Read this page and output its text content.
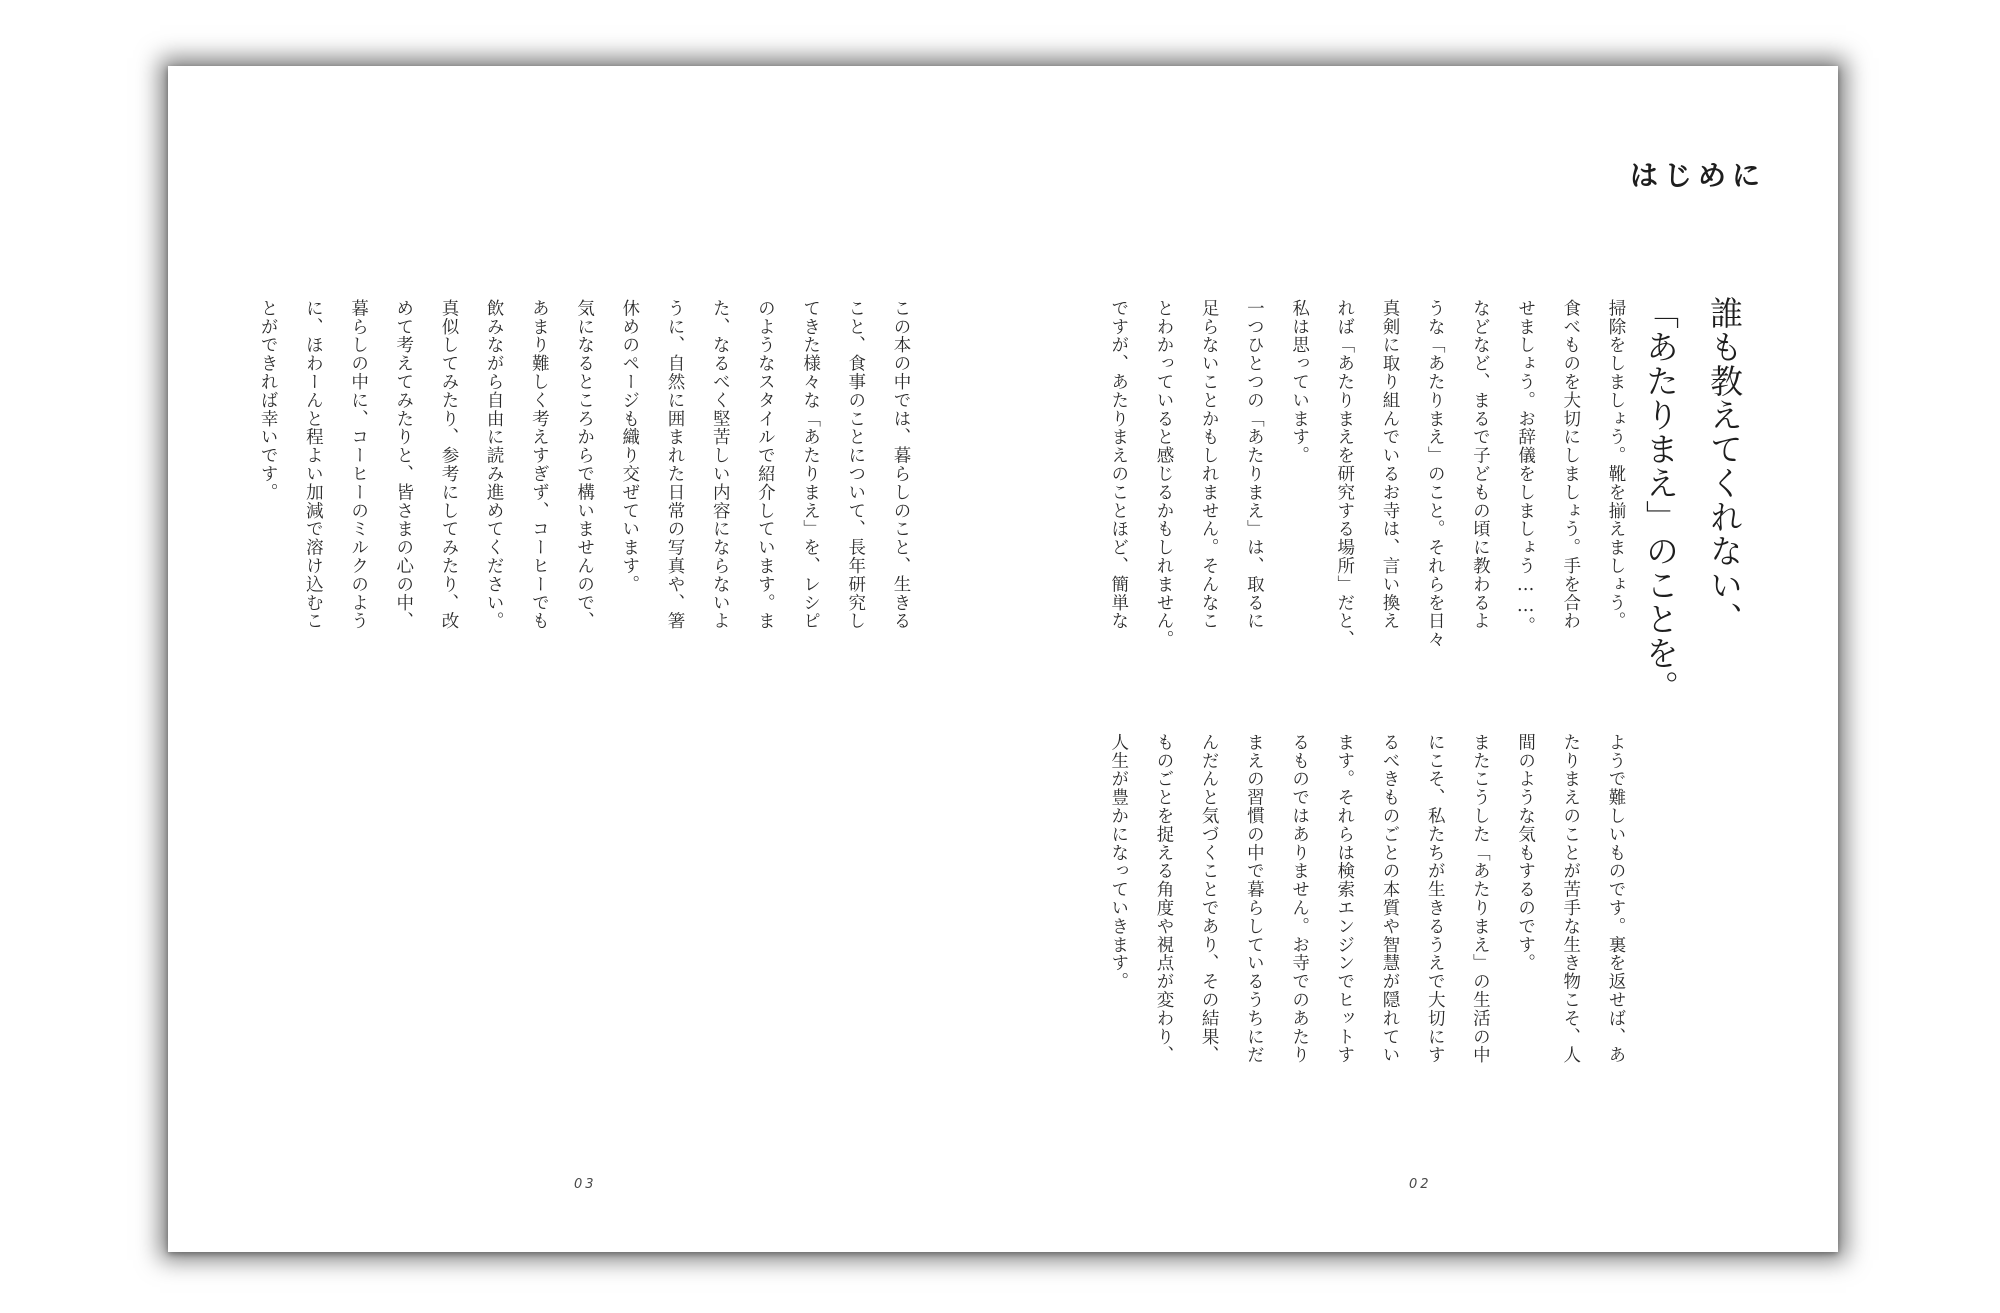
はじめに
誰も教えてくれない、
「あたりまえ」のことを。
掃除をしましょう。靴を揃えましょう。
食べものを大切にしましょう。手を合わ
せましょう。お辞儀をしましょう……。
などなど、まるで子どもの頃に教わるよ
うな「あたりまえ」のこと。それらを日々
真剣に取り組んでいるお寺は、言い換え
れば「あたりまえを研究する場所」だと、
私は思っています。
一つひとつの「あたりまえ」は、取るに
足らないことかもしれません。そんなこ
とわかっていると感じるかもしれません。
ですが、あたりまえのことほど、簡単な
ようで難しいものです。裏を返せば、あ
たりまえのことが苦手な生き物こそ、人
間のような気もするのです。
またこうした「あたりまえ」の生活の中
にこそ、私たちが生きるうえで大切にす
るべきものごとの本質や智慧が隠れてい
ます。それらは検索エンジンでヒットす
るものではありません。お寺でのあたり
まえの習慣の中で暮らしているうちにだ
んだんと気づくことであり、その結果、
ものごとを捉える角度や視点が変わり、
人生が豊かになっていきます。
この本の中では、暮らしのこと、生きる
こと、食事のことについて、長年研究し
てきた様々な「あたりまえ」を、レシピ
のようなスタイルで紹介しています。ま
た、なるべく堅苦しい内容にならないよ
うに、自然に囲まれた日常の写真や、箸
休めのページも織り交ぜています。
気になるところからで構いませんので、
あまり難しく考えすぎず、コーヒーでも
飲みながら自由に読み進めてください。
真似してみたり、参考にしてみたり、改
めて考えてみたりと、皆さまの心の中、
暮らしの中に、コーヒーのミルクのよう
に、ほわーんと程よい加減で溶け込むこ
とができれば幸いです。
03	02
